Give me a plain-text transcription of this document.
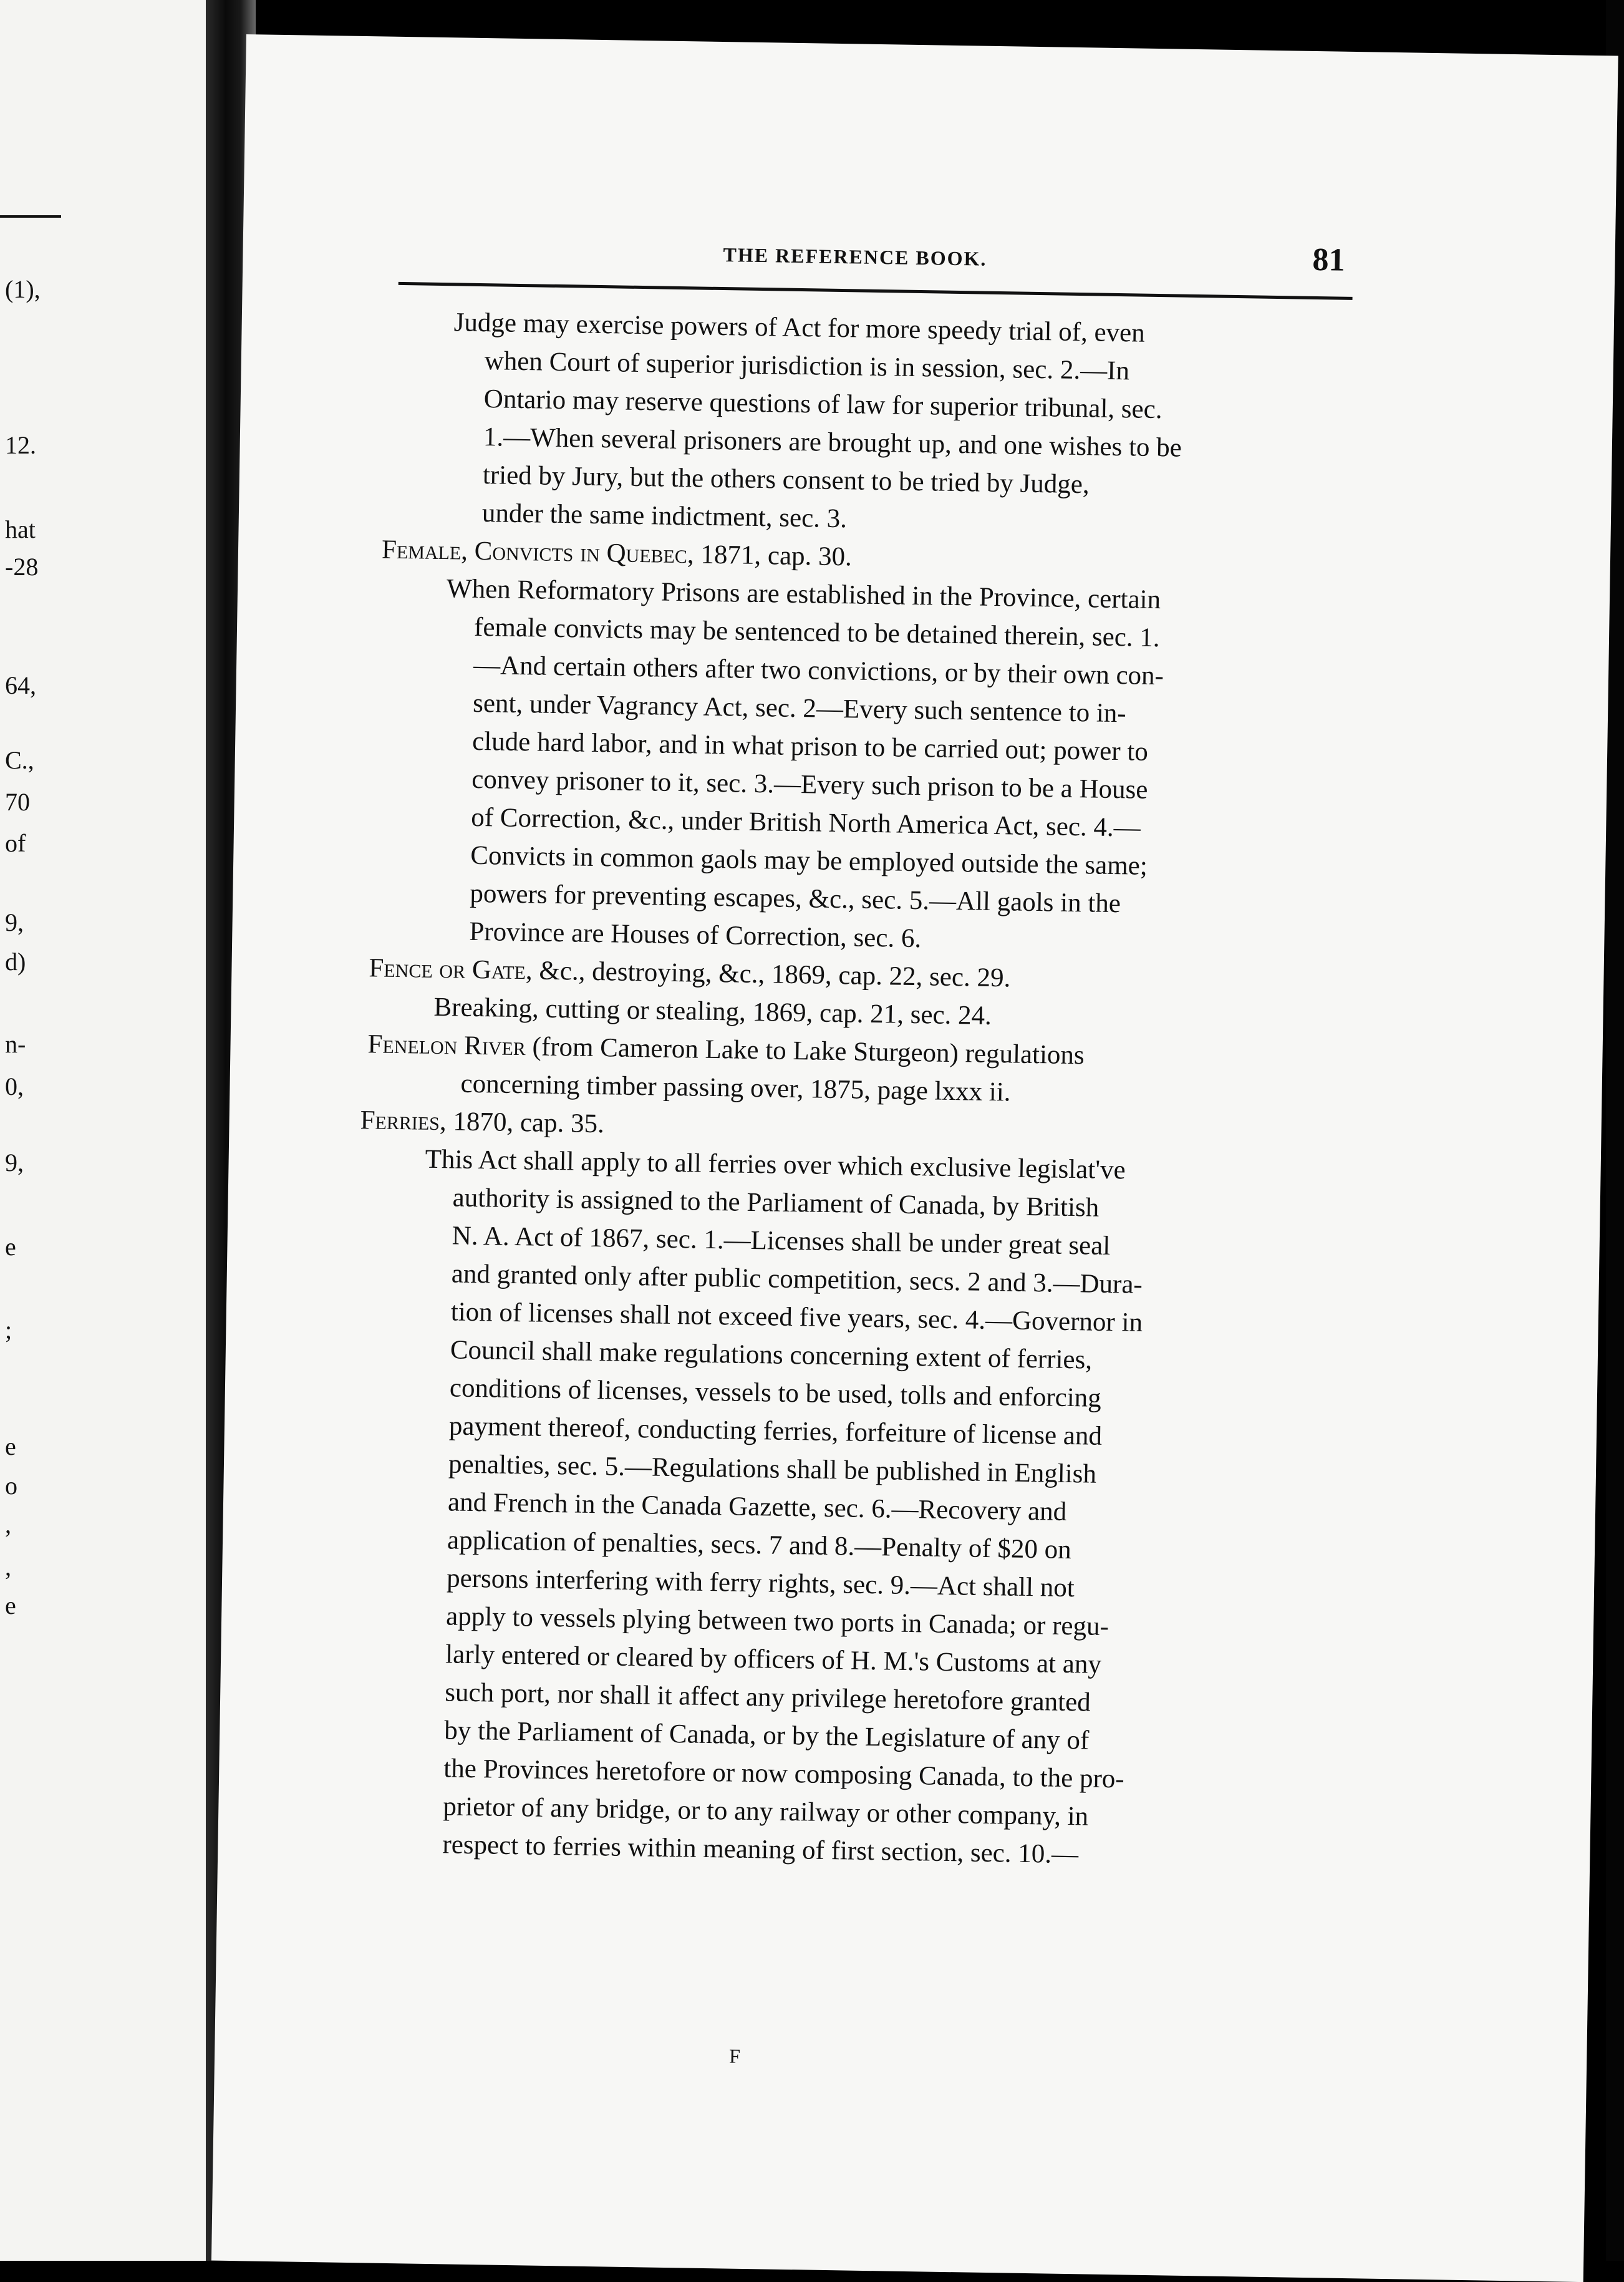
(1),
12.
hat
-28
64,
C.,
70
of
9,
d)
n-
0,
9,
e
;
e
o
,
,
e
THE REFERENCE BOOK.	81
Judge may exercise powers of Act for more speedy trial of, even
when Court of superior jurisdiction is in session, sec. 2.—In
Ontario may reserve questions of law for superior tribunal, sec.
1.—When several prisoners are brought up, and one wishes to be
tried by Jury, but the others consent to be tried by Judge,
under the same indictment, sec. 3.
Female, Convicts in Quebec, 1871, cap. 30.
When Reformatory Prisons are established in the Province, certain
female convicts may be sentenced to be detained therein, sec. 1.
—And certain others after two convictions, or by their own con-
sent, under Vagrancy Act, sec. 2—Every such sentence to in-
clude hard labor, and in what prison to be carried out; power to
convey prisoner to it, sec. 3.—Every such prison to be a House
of Correction, &c., under British North America Act, sec. 4.—
Convicts in common gaols may be employed outside the same;
powers for preventing escapes, &c., sec. 5.—All gaols in the
Province are Houses of Correction, sec. 6.
Fence or Gate, &c., destroying, &c., 1869, cap. 22, sec. 29.
Breaking, cutting or stealing, 1869, cap. 21, sec. 24.
Fenelon River (from Cameron Lake to Lake Sturgeon) regulations
concerning timber passing over, 1875, page lxxx ii.
Ferries, 1870, cap. 35.
This Act shall apply to all ferries over which exclusive legislat've
authority is assigned to the Parliament of Canada, by British
N. A. Act of 1867, sec. 1.—Licenses shall be under great seal
and granted only after public competition, secs. 2 and 3.—Dura-
tion of licenses shall not exceed five years, sec. 4.—Governor in
Council shall make regulations concerning extent of ferries,
conditions of licenses, vessels to be used, tolls and enforcing
payment thereof, conducting ferries, forfeiture of license and
penalties, sec. 5.—Regulations shall be published in English
and French in the Canada Gazette, sec. 6.—Recovery and
application of penalties, secs. 7 and 8.—Penalty of $20 on
persons interfering with ferry rights, sec. 9.—Act shall not
apply to vessels plying between two ports in Canada; or regu-
larly entered or cleared by officers of H. M.'s Customs at any
such port, nor shall it affect any privilege heretofore granted
by the Parliament of Canada, or by the Legislature of any of
the Provinces heretofore or now composing Canada, to the pro-
prietor of any bridge, or to any railway or other company, in
respect to ferries within meaning of first section, sec. 10.—
F
